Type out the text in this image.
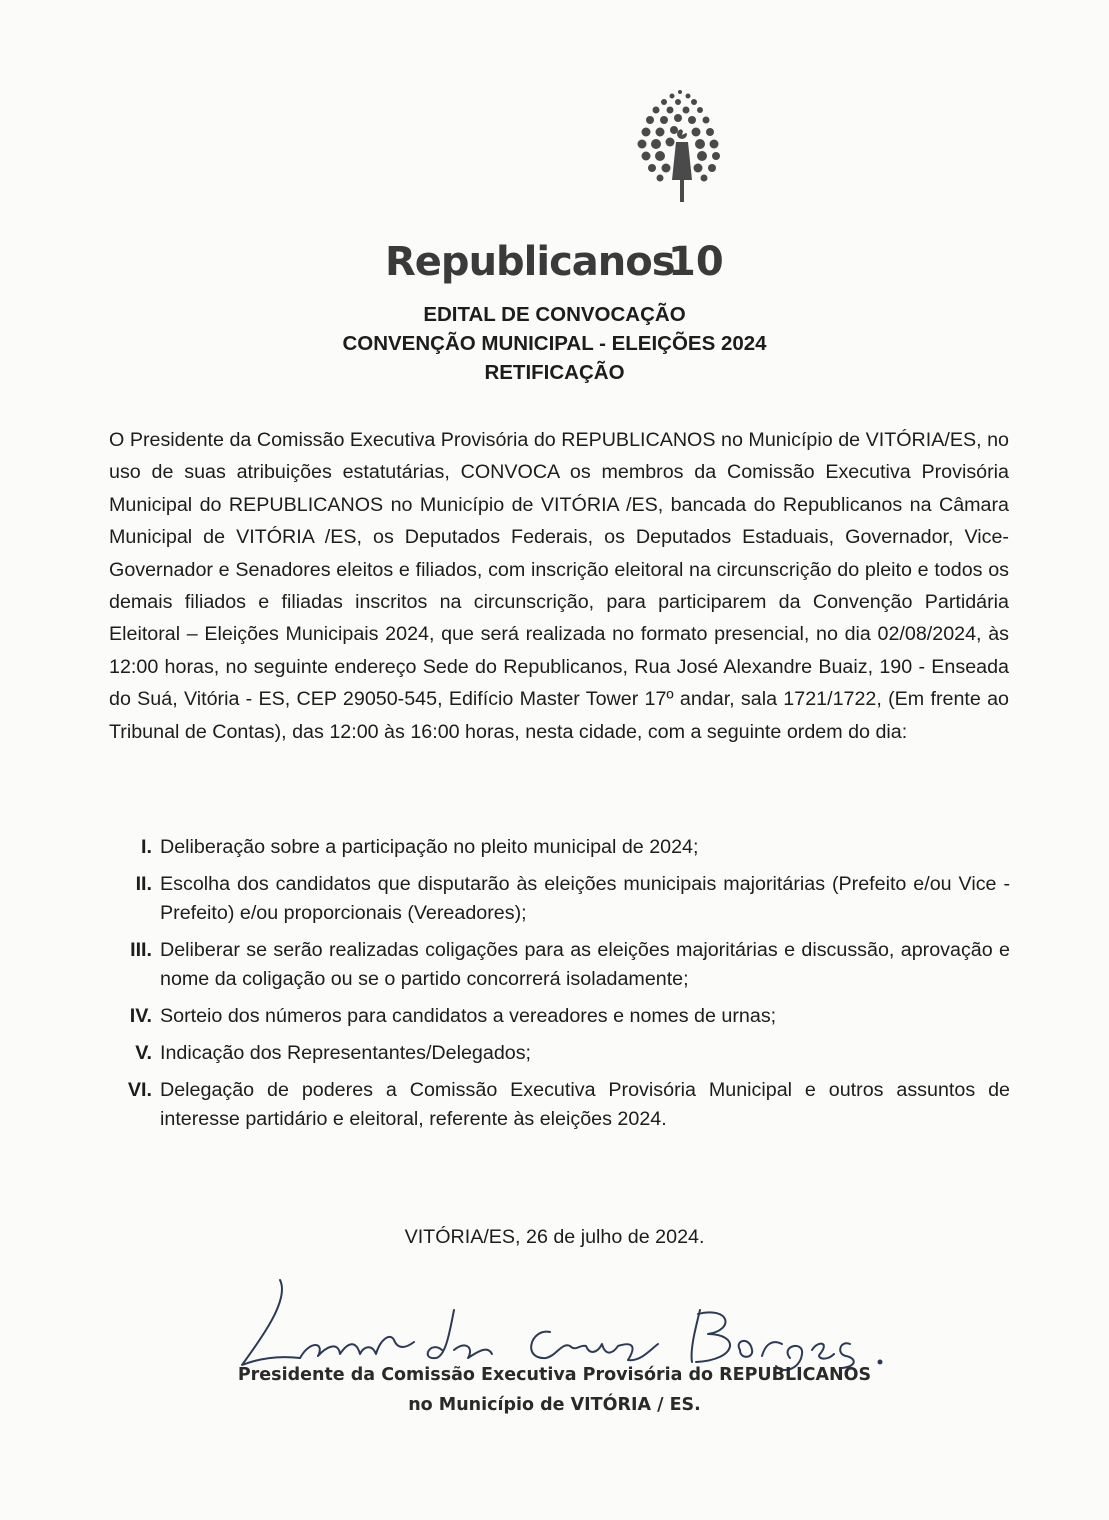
Republicanos
10
EDITAL DE CONVOCAÇÃO
CONVENÇÃO MUNICIPAL - ELEIÇÕES 2024
RETIFICAÇÃO

O Presidente da Comissão Executiva Provisória do REPUBLICANOS no Município de VITÓRIA/ES, no uso de suas atribuições estatutárias, CONVOCA os membros da Comissão Executiva Provisória Municipal do REPUBLICANOS no Município de VITÓRIA /ES, bancada do Republicanos na Câmara Municipal de VITÓRIA /ES, os Deputados Federais, os Deputados Estaduais, Governador, Vice-Governador e Senadores eleitos e filiados, com inscrição eleitoral na circunscrição do pleito e todos os demais filiados e filiadas inscritos na circunscrição, para participarem da Convenção Partidária Eleitoral – Eleições Municipais 2024, que será realizada no formato presencial, no dia 02/08/2024, às 12:00 horas, no seguinte endereço Sede do Republicanos, Rua José Alexandre Buaiz, 190 - Enseada do Suá, Vitória - ES, CEP 29050-545, Edifício Master Tower 17º andar, sala 1721/1722, (Em frente ao Tribunal de Contas), das 12:00 às 16:00 horas, nesta cidade, com a seguinte ordem do dia:

I. Deliberação sobre a participação no pleito municipal de 2024;
II. Escolha dos candidatos que disputarão às eleições municipais majoritárias (Prefeito e/ou Vice -Prefeito) e/ou proporcionais (Vereadores);
III. Deliberar se serão realizadas coligações para as eleições majoritárias e discussão, aprovação e nome da coligação ou se o partido concorrerá isoladamente;
IV. Sorteio dos números para candidatos a vereadores e nomes de urnas;
V. Indicação dos Representantes/Delegados;
VI. Delegação de poderes a Comissão Executiva Provisória Municipal e outros assuntos de interesse partidário e eleitoral, referente às eleições 2024.
VITÓRIA/ES, 26 de julho de 2024.
Presidente da Comissão Executiva Provisória do REPUBLICANOS
no Município de VITÓRIA / ES.
